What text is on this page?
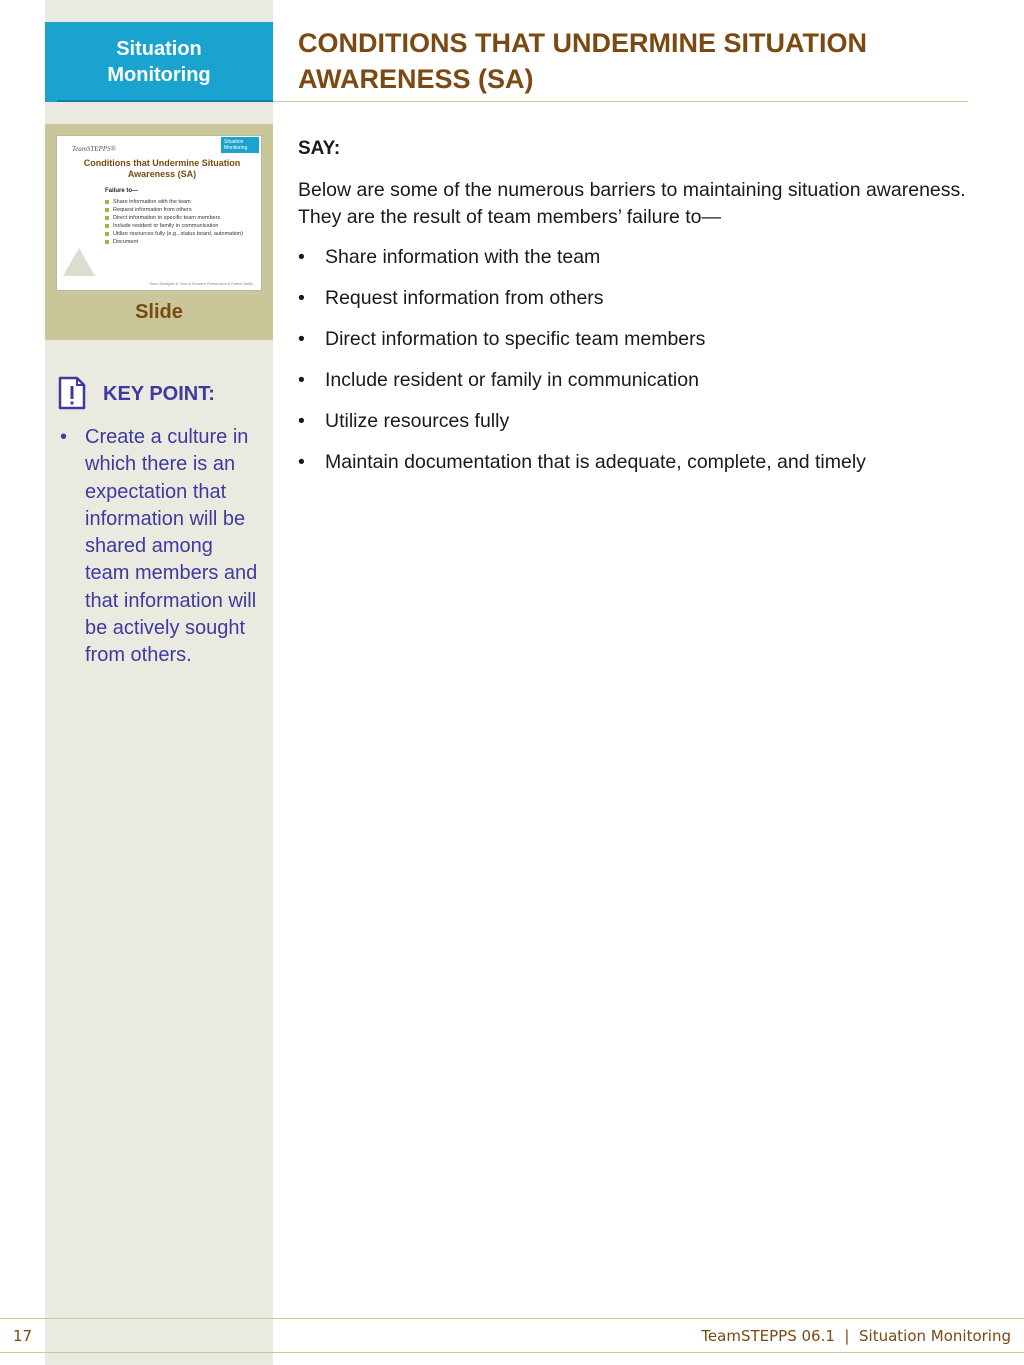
Situation Monitoring
CONDITIONS THAT UNDERMINE SITUATION AWARENESS (SA)
TeamSTEPPS®
Situation Monitoring
Conditions that Undermine Situation Awareness (SA)
Failure to—
Share information with the team
Request information from others
Direct information to specific team members
Include resident or family in communication
Utilize resources fully (e.g., status board, automation)
Document
Team Strategies & Tools to Enhance Performance & Patient Safety
Slide
KEY POINT:
• Create a culture in which there is an expectation that information will be shared among team members and that information will be actively sought from others.
SAY:

Below are some of the numerous barriers to maintaining situation awareness. They are the result of team members’ failure to—

• Share information with the team
• Request information from others
• Direct information to specific team members
• Include resident or family in communication
• Utilize resources fully
• Maintain documentation that is adequate, complete, and timely
17	TeamSTEPPS 06.1  |  Situation Monitoring
